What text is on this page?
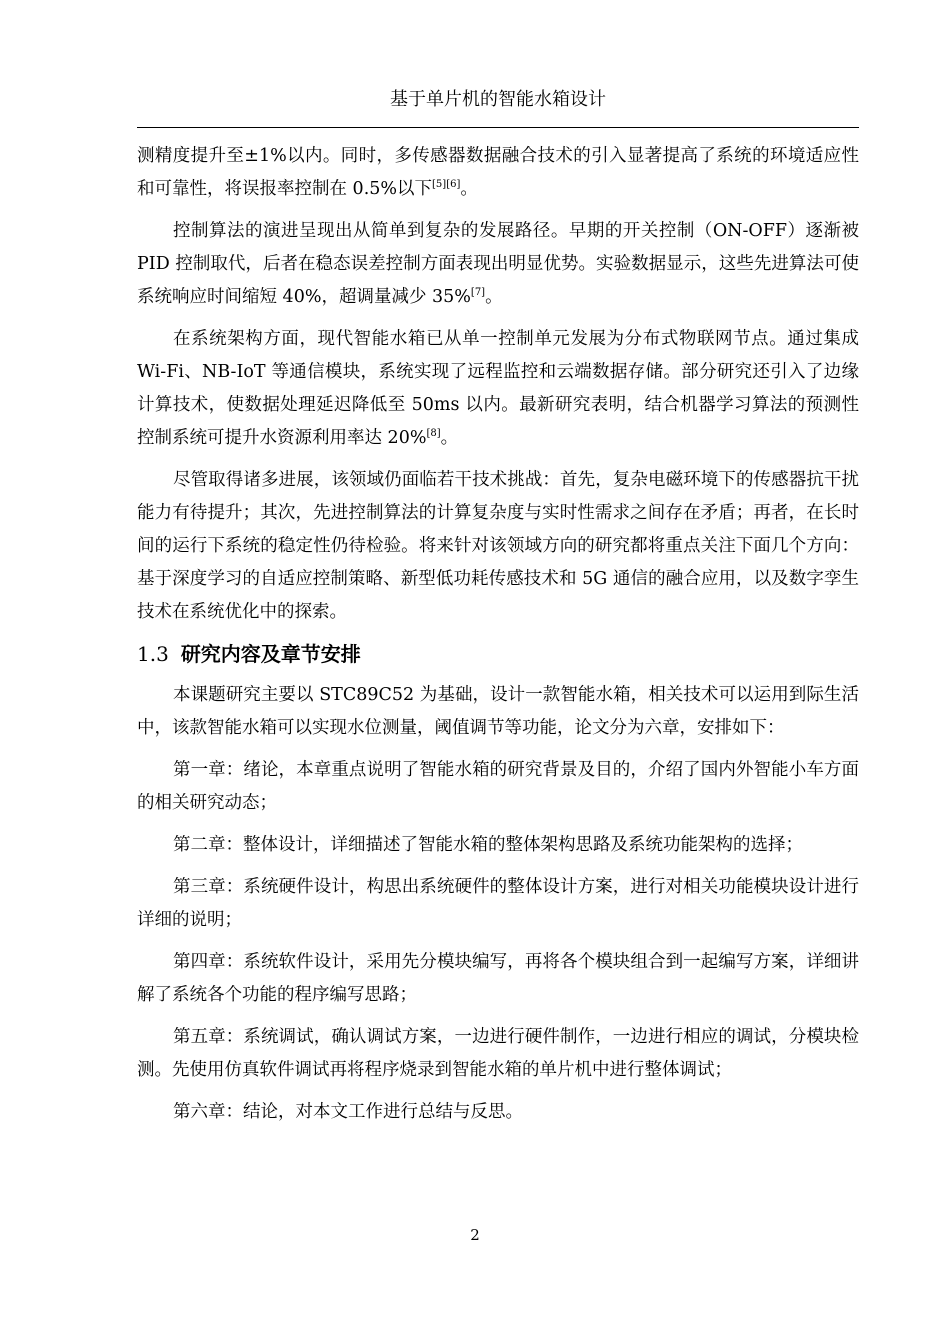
基于单片机的智能水箱设计

测精度提升至±1%以内。同时，多传感器数据融合技术的引入显著提高了系统的环境适应性和可靠性，将误报率控制在 0.5%以下[5][6]。

控制算法的演进呈现出从简单到复杂的发展路径。早期的开关控制（ON-OFF）逐渐被 PID 控制取代，后者在稳态误差控制方面表现出明显优势。实验数据显示，这些先进算法可使系统响应时间缩短 40%，超调量减少 35%[7]。

在系统架构方面，现代智能水箱已从单一控制单元发展为分布式物联网节点。通过集成 Wi-Fi、NB-IoT 等通信模块，系统实现了远程监控和云端数据存储。部分研究还引入了边缘计算技术，使数据处理延迟降低至 50ms 以内。最新研究表明，结合机器学习算法的预测性控制系统可提升水资源利用率达 20%[8]。

尽管取得诸多进展，该领域仍面临若干技术挑战：首先，复杂电磁环境下的传感器抗干扰能力有待提升；其次，先进控制算法的计算复杂度与实时性需求之间存在矛盾；再者，在长时间的运行下系统的稳定性仍待检验。将来针对该领域方向的研究都将重点关注下面几个方向：基于深度学习的自适应控制策略、新型低功耗传感技术和 5G 通信的融合应用，以及数字孪生技术在系统优化中的探索。

1.3 研究内容及章节安排

本课题研究主要以 STC89C52 为基础，设计一款智能水箱，相关技术可以运用到际生活中，该款智能水箱可以实现水位测量，阈值调节等功能，论文分为六章，安排如下：

第一章：绪论，本章重点说明了智能水箱的研究背景及目的，介绍了国内外智能小车方面的相关研究动态；

第二章：整体设计，详细描述了智能水箱的整体架构思路及系统功能架构的选择；

第三章：系统硬件设计，构思出系统硬件的整体设计方案，进行对相关功能模块设计进行详细的说明；

第四章：系统软件设计，采用先分模块编写，再将各个模块组合到一起编写方案，详细讲解了系统各个功能的程序编写思路；

第五章：系统调试，确认调试方案，一边进行硬件制作，一边进行相应的调试，分模块检测。先使用仿真软件调试再将程序烧录到智能水箱的单片机中进行整体调试；

第六章：结论，对本文工作进行总结与反思。

2
